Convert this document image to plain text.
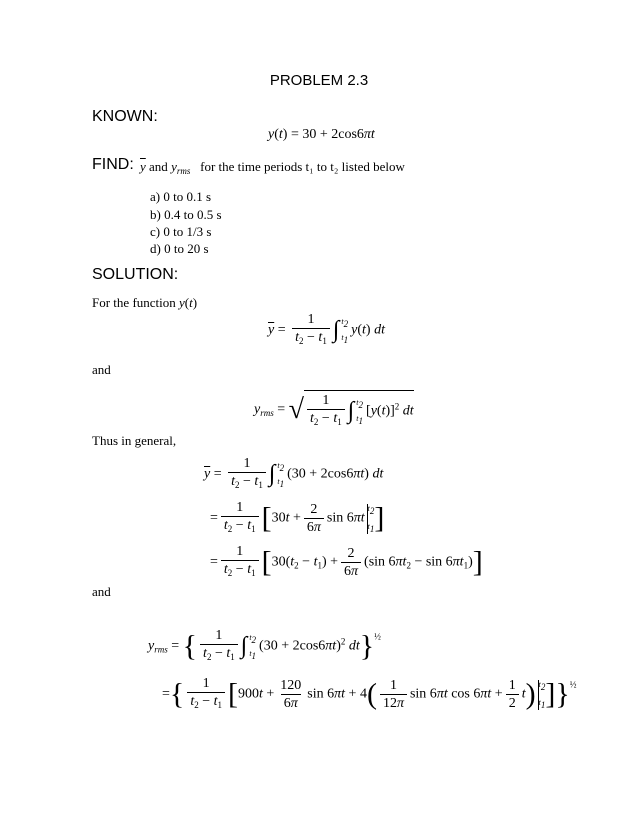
PROBLEM 2.3
KNOWN:
y(t) = 30 + 2cos6πt
FIND: $\overline{y}$ and $y_{rms}$ for the time periods t₁ to t₂ listed below
a) 0 to 0.1 s
b) 0.4 to 0.5 s
c) 0 to 1/3 s
d) 0 to 20 s
SOLUTION:
For the function y(t)
$\overline{y} = \frac{1}{t_2 - t_1}$ ∫ $t_2$
$t_1$
y(t) dt
and
$y_{rms}$ = √ $\frac{1}{t_2 - t_1}$ ∫ $t_2$
$t_1$
$[y(t)]^2$ dt
Thus in general,
$\overline{y} = \frac{1}{t_2 - t_1}$ ∫ $t_2$
$t_1$
(30 + 2cos6πt) dt
= $\frac{1}{t_2 - t_1} [30t + \frac{2}{6\pi}$ sin 6πt
$t_2$
$t_1$ ]
= $\frac{1}{t_2 - t_1} [30(t_2 - t_1) + \frac{2}{6\pi} (\sin$ $6\pi t_2 - \sin 6\pi t_1$)]
and
$y_{rms}$ = { $\frac{1}{t_2 - t_1}$ ∫ $t_2$
$t_1$
$(30 + 2\cos 6\pi t)^2$ dt}$^{\frac{1}{2}}$
={ $\frac{1}{t_2 - t_1} [900t + \frac{120}{6\pi}$ $\sin 6\pi t + 4( \frac{1}{12\pi}$ sin 6πt $\cos 6\pi t + \frac{1}{2} t$) $t_2$
$t_1$ ]}$^{\frac{1}{2}}$
